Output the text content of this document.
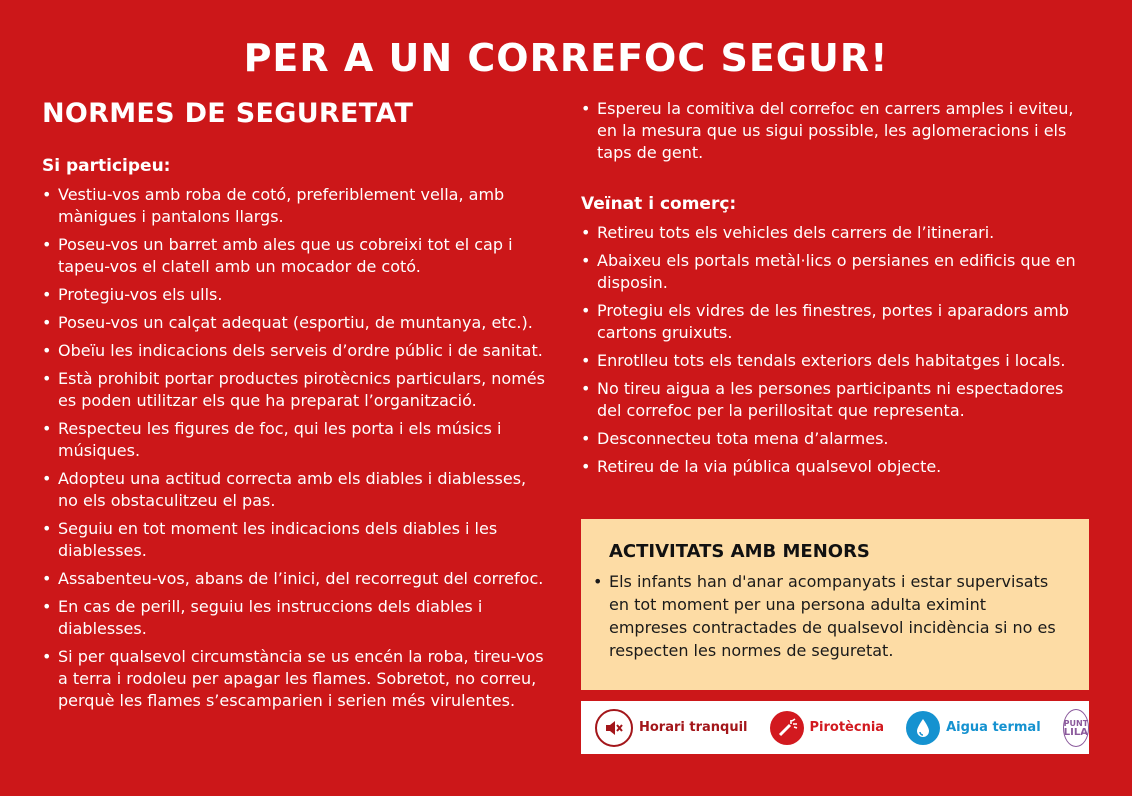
PER A UN CORREFOC SEGUR!
NORMES DE SEGURETAT
Si participeu:
• Vestiu-vos amb roba de cotó, preferiblement vella, amb mànigues i pantalons llargs.
• Poseu-vos un barret amb ales que us cobreixi tot el cap i tapeu-vos el clatell amb un mocador de cotó.
• Protegiu-vos els ulls.
• Poseu-vos un calçat adequat (esportiu, de muntanya, etc.).
• Obeïu les indicacions dels serveis d’ordre públic i de sanitat.
• Està prohibit portar productes pirotècnics particulars, només es poden utilitzar els que ha preparat l’organització.
• Respecteu les figures de foc, qui les porta i els músics i músiques.
• Adopteu una actitud correcta amb els diables i diablesses, no els obstaculitzeu el pas.
• Seguiu en tot moment les indicacions dels diables i les diablesses.
• Assabenteu-vos, abans de l’inici, del recorregut del correfoc.
• En cas de perill, seguiu les instruccions dels diables i diablesses.
• Si per qualsevol circumstància se us encén la roba, tireu-vos a terra i rodoleu per apagar les flames. Sobretot, no correu, perquè les flames s’escamparien i serien més virulentes.
• Espereu la comitiva del correfoc en carrers amples i eviteu, en la mesura que us sigui possible, les aglomeracions i els taps de gent.
Veïnat i comerç:
• Retireu tots els vehicles dels carrers de l’itinerari.
• Abaixeu els portals metàl·lics o persianes en edificis que en disposin.
• Protegiu els vidres de les finestres, portes i aparadors amb cartons gruixuts.
• Enrotlleu tots els tendals exteriors dels habitatges i locals.
• No tireu aigua a les persones participants ni espectadores del correfoc per la perillositat que representa.
• Desconnecteu tota mena d’alarmes.
• Retireu de la via pública qualsevol objecte.
ACTIVITATS AMB MENORS
• Els infants han d'anar acompanyats i estar supervisats en tot moment per una persona adulta eximint empreses contractades de qualsevol incidència si no es respecten les normes de seguretat.
Horari tranquil	Pirotècnia	Aigua termal	PUNT
LILA
